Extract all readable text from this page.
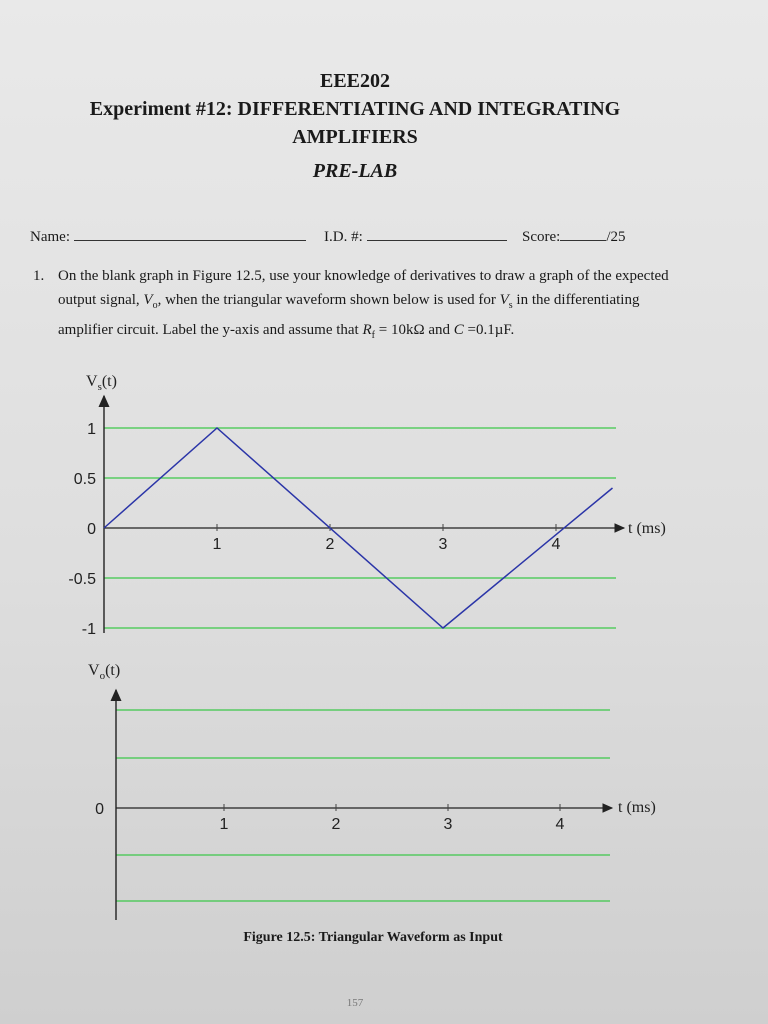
EEE202
Experiment #12: DIFFERENTIATING AND INTEGRATING
AMPLIFIERS
PRE-LAB
Name:	I.D. #:	Score:	/25
1. On the blank graph in Figure 12.5, use your knowledge of derivatives to draw a graph of the expected output signal, $V_o$, when the triangular waveform shown below is used for $V_s$ in the differentiating amplifier circuit. Label the y-axis and assume that $R_f = 10k\Omega$ and C =0.1µF.
1
0.5
0
-0.5
-1
1	2	3	4
$V_s(t)$
t (ms)
0
1	2	3	4
$V_o(t)$
t (ms)
Figure 12.5: Triangular Waveform as Input
157
